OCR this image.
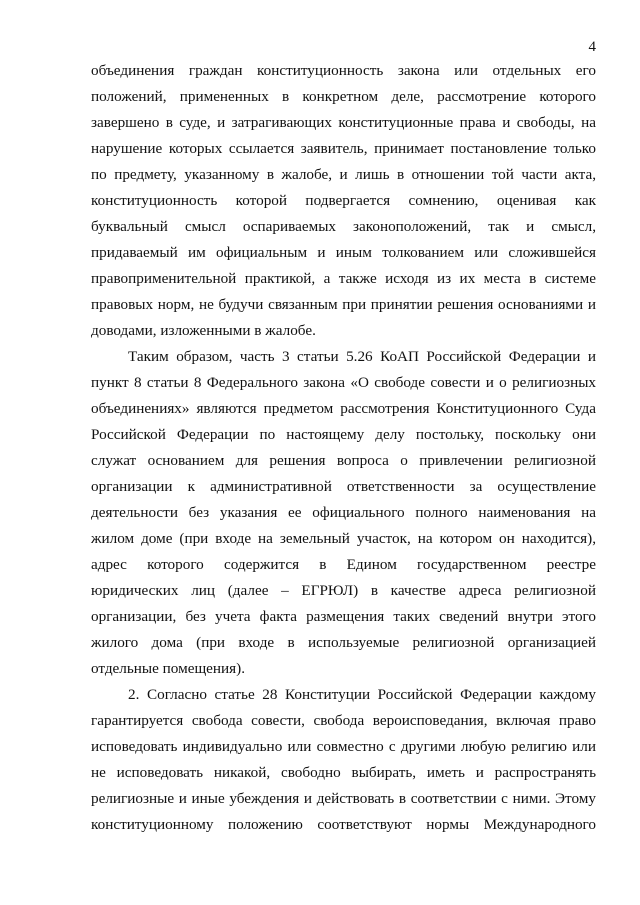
4
объединения граждан конституционность закона или отдельных его
положений, примененных в конкретном деле, рассмотрение которого
завершено в суде, и затрагивающих конституционные права и свободы, на
нарушение которых ссылается заявитель, принимает постановление только
по предмету, указанному в жалобе, и лишь в отношении той части акта,
конституционность которой подвергается сомнению, оценивая как
буквальный смысл оспариваемых законоположений, так и смысл,
придаваемый им официальным и иным толкованием или сложившейся
правоприменительной практикой, а также исходя из их места в системе
правовых норм, не будучи связанным при принятии решения основаниями и
доводами, изложенными в жалобе.
Таким образом, часть 3 статьи 5.26 КоАП Российской Федерации и
пункт 8 статьи 8 Федерального закона «О свободе совести и о религиозных
объединениях» являются предметом рассмотрения Конституционного Суда
Российской Федерации по настоящему делу постольку, поскольку они
служат основанием для решения вопроса о привлечении религиозной
организации к административной ответственности за осуществление
деятельности без указания ее официального полного наименования на
жилом доме (при входе на земельный участок, на котором он находится),
адрес которого содержится в Едином государственном реестре
юридических лиц (далее – ЕГРЮЛ) в качестве адреса религиозной
организации, без учета факта размещения таких сведений внутри этого
жилого дома (при входе в используемые религиозной организацией
отдельные помещения).
2. Согласно статье 28 Конституции Российской Федерации каждому
гарантируется свобода совести, свобода вероисповедания, включая право
исповедовать индивидуально или совместно с другими любую религию или
не исповедовать никакой, свободно выбирать, иметь и распространять
религиозные и иные убеждения и действовать в соответствии с ними. Этому
конституционному положению соответствуют нормы Международного
